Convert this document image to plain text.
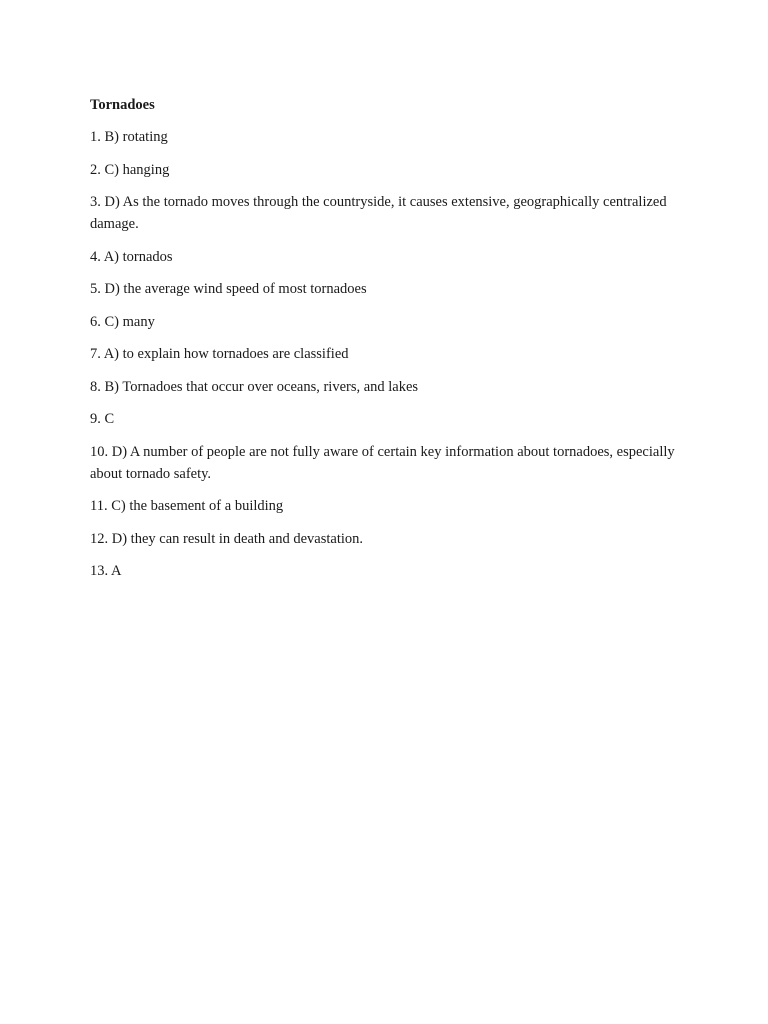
Tornadoes
1. B) rotating
2. C) hanging
3. D) As the tornado moves through the countryside, it causes extensive, geographically centralized damage.
4. A) tornados
5. D) the average wind speed of most tornadoes
6. C) many
7. A) to explain how tornadoes are classified
8. B) Tornadoes that occur over oceans, rivers, and lakes
9. C
10. D) A number of people are not fully aware of certain key information about tornadoes, especially about tornado safety.
11. C) the basement of a building
12. D) they can result in death and devastation.
13. A
